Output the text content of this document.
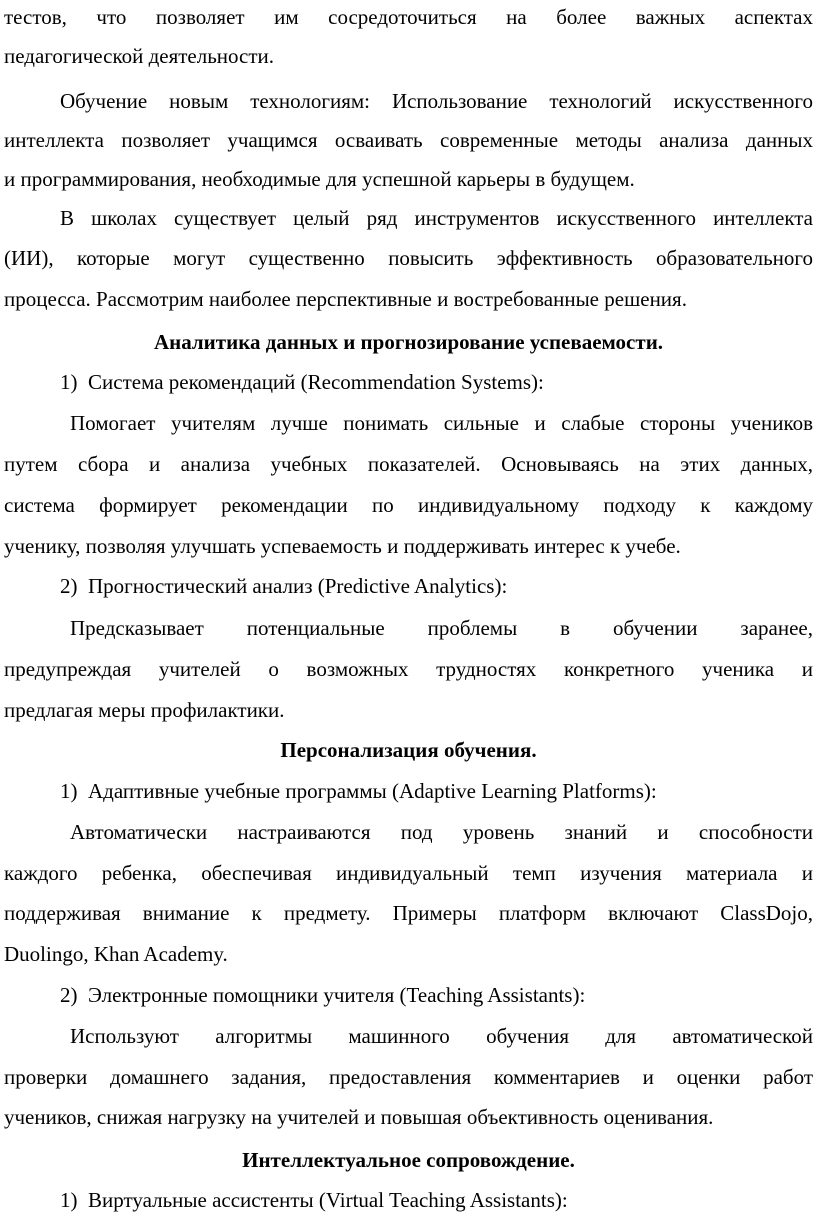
тестов, что позволяет им сосредоточиться на более важных аспектах
педагогической деятельности.
Обучение новым технологиям: Использование технологий искусственного
интеллекта позволяет учащимся осваивать современные методы анализа данных
и программирования, необходимые для успешной карьеры в будущем.
В школах существует целый ряд инструментов искусственного интеллекта
(ИИ), которые могут существенно повысить эффективность образовательного
процесса. Рассмотрим наиболее перспективные и востребованные решения.
Аналитика данных и прогнозирование успеваемости.
1) Система рекомендаций (Recommendation Systems):
Помогает учителям лучше понимать сильные и слабые стороны учеников
путем сбора и анализа учебных показателей. Основываясь на этих данных,
система формирует рекомендации по индивидуальному подходу к каждому
ученику, позволяя улучшать успеваемость и поддерживать интерес к учебе.
2) Прогностический анализ (Predictive Analytics):
Предсказывает потенциальные проблемы в обучении заранее,
предупреждая учителей о возможных трудностях конкретного ученика и
предлагая меры профилактики.
Персонализация обучения.
1) Адаптивные учебные программы (Adaptive Learning Platforms):
Автоматически настраиваются под уровень знаний и способности
каждого ребенка, обеспечивая индивидуальный темп изучения материала и
поддерживая внимание к предмету. Примеры платформ включают ClassDojo,
Duolingo, Khan Academy.
2) Электронные помощники учителя (Teaching Assistants):
Используют алгоритмы машинного обучения для автоматической
проверки домашнего задания, предоставления комментариев и оценки работ
учеников, снижая нагрузку на учителей и повышая объективность оценивания.
Интеллектуальное сопровождение.
1) Виртуальные ассистенты (Virtual Teaching Assistants):
